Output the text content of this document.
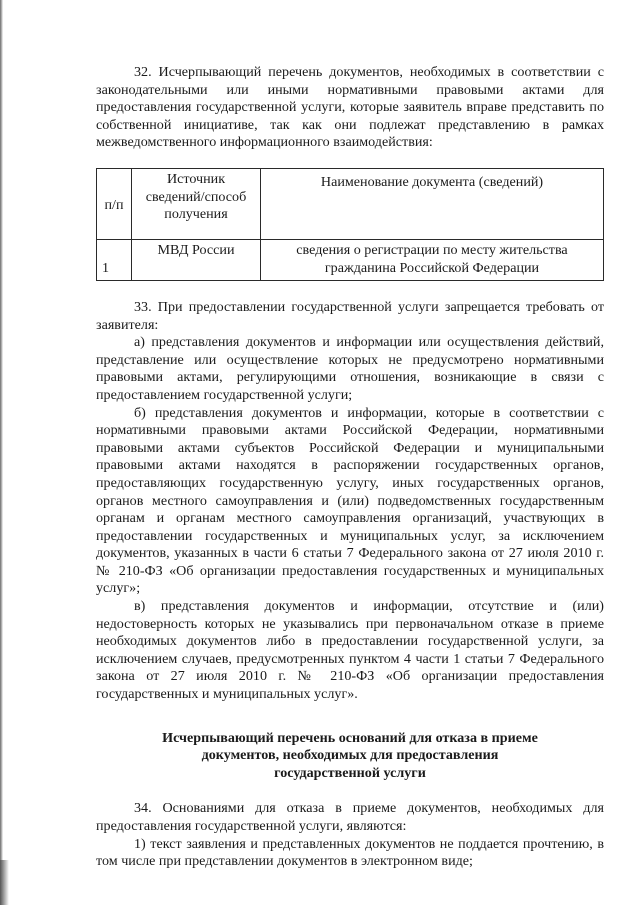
32. Исчерпывающий перечень документов, необходимых в соответствии с законодательными или иными нормативными правовыми актами для предоставления государственной услуги, которые заявитель вправе представить по собственной инициативе, так как они подлежат представлению в рамках межведомственного информационного взаимодействия:

п/п	Источник сведений/способ получения	Наименование документа (сведений)
1	МВД России	сведения о регистрации по месту жительства гражданина Российской Федерации

33. При предоставлении государственной услуги запрещается требовать от заявителя:

а) представления документов и информации или осуществления действий, представление или осуществление которых не предусмотрено нормативными правовыми актами, регулирующими отношения, возникающие в связи с предоставлением государственной услуги;

б) представления документов и информации, которые в соответствии с нормативными правовыми актами Российской Федерации, нормативными правовыми актами субъектов Российской Федерации и муниципальными правовыми актами находятся в распоряжении государственных органов, предоставляющих государственную услугу, иных государственных органов, органов местного самоуправления и (или) подведомственных государственным органам и органам местного самоуправления организаций, участвующих в предоставлении государственных и муниципальных услуг, за исключением документов, указанных в части 6 статьи 7 Федерального закона от 27 июля 2010 г. № 210-ФЗ «Об организации предоставления государственных и муниципальных услуг»;

в) представления документов и информации, отсутствие и (или) недостоверность которых не указывались при первоначальном отказе в приеме необходимых документов либо в предоставлении государственной услуги, за исключением случаев, предусмотренных пунктом 4 части 1 статьи 7 Федерального закона от 27 июля 2010 г. № 210-ФЗ «Об организации предоставления государственных и муниципальных услуг».

Исчерпывающий перечень оснований для отказа в приеме
документов, необходимых для предоставления
государственной услуги

34. Основаниями для отказа в приеме документов, необходимых для предоставления государственной услуги, являются:

1) текст заявления и представленных документов не поддается прочтению, в том числе при представлении документов в электронном виде;
